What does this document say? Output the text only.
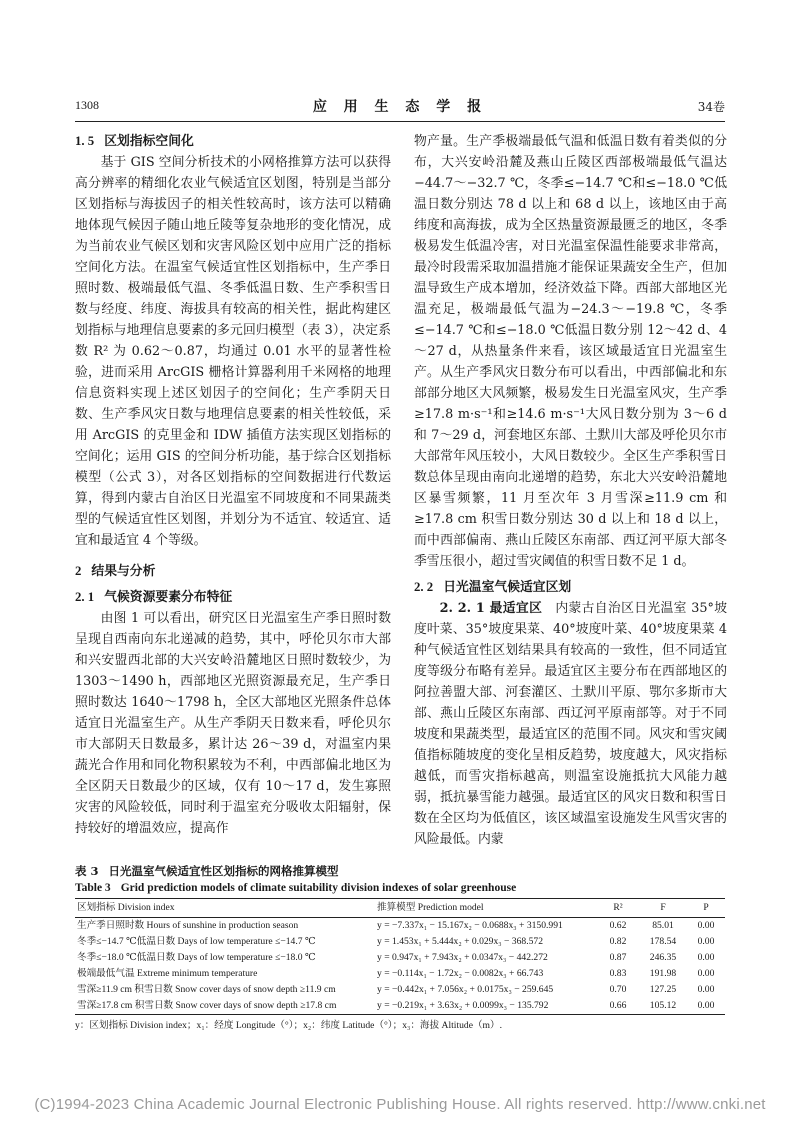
1308	应 用 生 态 学 报	34卷
1. 5 区划指标空间化

基于 GIS 空间分析技术的小网格推算方法可以获得高分辨率的精细化农业气候适宜区划图，特别是当部分区划指标与海拔因子的相关性较高时，该方法可以精确地体现气候因子随山地丘陵等复杂地形的变化情况，成为当前农业气候区划和灾害风险区划中应用广泛的指标空间化方法。在温室气候适宜性区划指标中，生产季日照时数、极端最低气温、冬季低温日数、生产季积雪日数与经度、纬度、海拔具有较高的相关性，据此构建区划指标与地理信息要素的多元回归模型（表 3），决定系数 R² 为 0.62～0.87，均通过 0.01 水平的显著性检验，进而采用 ArcGIS 栅格计算器利用千米网格的地理信息资料实现上述区划因子的空间化；生产季阴天日数、生产季风灾日数与地理信息要素的相关性较低，采用 ArcGIS 的克里金和 IDW 插值方法实现区划指标的空间化；运用 GIS 的空间分析功能，基于综合区划指标模型（公式 3），对各区划指标的空间数据进行代数运算，得到内蒙古自治区日光温室不同坡度和不同果蔬类型的气候适宜性区划图，并划分为不适宜、较适宜、适宜和最适宜 4 个等级。

2 结果与分析
2. 1 气候资源要素分布特征

由图 1 可以看出，研究区日光温室生产季日照时数呈现自西南向东北递减的趋势，其中，呼伦贝尔市大部和兴安盟西北部的大兴安岭沿麓地区日照时数较少，为 1303～1490 h，西部地区光照资源最充足，生产季日照时数达 1640～1798 h，全区大部地区光照条件总体适宜日光温室生产。从生产季阴天日数来看，呼伦贝尔市大部阴天日数最多，累计达 26～39 d，对温室内果蔬光合作用和同化物积累较为不利，中西部偏北地区为全区阴天日数最少的区域，仅有 10～17 d，发生寡照灾害的风险较低，同时利于温室充分吸收太阳辐射，保持较好的增温效应，提高作

物产量。生产季极端最低气温和低温日数有着类似的分布，大兴安岭沿麓及燕山丘陵区西部极端最低气温达−44.7～−32.7 ℃，冬季≤−14.7 ℃和≤−18.0 ℃低温日数分别达 78 d 以上和 68 d 以上，该地区由于高纬度和高海拔，成为全区热量资源最匮乏的地区，冬季极易发生低温冷害，对日光温室保温性能要求非常高，最冷时段需采取加温措施才能保证果蔬安全生产，但加温导致生产成本增加，经济效益下降。西部大部地区光温充足，极端最低气温为−24.3～−19.8 ℃，冬季≤−14.7 ℃和≤−18.0 ℃低温日数分别 12～42 d、4～27 d，从热量条件来看，该区域最适宜日光温室生产。从生产季风灾日数分布可以看出，中西部偏北和东部部分地区大风频繁，极易发生日光温室风灾，生产季≥17.8 m·s⁻¹和≥14.6 m·s⁻¹大风日数分别为 3～6 d 和 7～29 d，河套地区东部、土默川大部及呼伦贝尔市大部常年风压较小，大风日数较少。全区生产季积雪日数总体呈现由南向北递增的趋势，东北大兴安岭沿麓地区暴雪频繁，11 月至次年 3 月雪深≥11.9 cm 和≥17.8 cm 积雪日数分别达 30 d 以上和 18 d 以上，而中西部偏南、燕山丘陵区东南部、西辽河平原大部冬季雪压很小，超过雪灾阈值的积雪日数不足 1 d。

2. 2 日光温室气候适宜区划

2. 2. 1 最适宜区　 内蒙古自治区日光温室 35°坡度叶菜、35°坡度果菜、40°坡度叶菜、40°坡度果菜 4 种气候适宜性区划结果具有较高的一致性，但不同适宜度等级分布略有差异。最适宜区主要分布在西部地区的阿拉善盟大部、河套灌区、土默川平原、鄂尔多斯市大部、燕山丘陵区东南部、西辽河平原南部等。对于不同坡度和果蔬类型，最适宜区的范围不同。风灾和雪灾阈值指标随坡度的变化呈相反趋势，坡度越大，风灾指标越低，而雪灾指标越高，则温室设施抵抗大风能力越弱，抵抗暴雪能力越强。最适宜区的风灾日数和积雪日数在全区均为低值区，该区域温室设施发生风雪灾害的风险最低。内蒙

表 3 日光温室气候适宜性区划指标的网格推算模型
Table 3 Grid prediction models of climate suitability division indexes of solar greenhouse
区划指标 Division index	推算模型 Prediction model	R²	F	P
生产季日照时数 Hours of sunshine in production season	y = −7.337x₁ − 15.167x₂ − 0.0688x₃ + 3150.991	0.62	85.01	0.00
冬季≤−14.7 ℃低温日数 Days of low temperature ≤−14.7 ℃	y = 1.453x₁ + 5.444x₂ + 0.029x₃ − 368.572	0.82	178.54	0.00
冬季≤−18.0 ℃低温日数 Days of low temperature ≤−18.0 ℃	y = 0.947x₁ + 7.943x₂ + 0.0347x₃ − 442.272	0.87	246.35	0.00
极端最低气温 Extreme minimum temperature	y = −0.114x₁ − 1.72x₂ − 0.0082x₃ + 66.743	0.83	191.98	0.00
雪深≥11.9 cm 积雪日数 Snow cover days of snow depth ≥11.9 cm	y = −0.442x₁ + 7.056x₂ + 0.0175x₃ − 259.645	0.70	127.25	0.00
雪深≥17.8 cm 积雪日数 Snow cover days of snow depth ≥17.8 cm	y = −0.219x₁ + 3.63x₂ + 0.0099x₃ − 135.792	0.66	105.12	0.00
y：区划指标 Division index；x₁：经度 Longitude（°）；x₂：纬度 Latitude（°）；x₃：海拔 Altitude（m）.
(C)1994-2023 China Academic Journal Electronic Publishing House. All rights reserved. http://www.cnki.net
